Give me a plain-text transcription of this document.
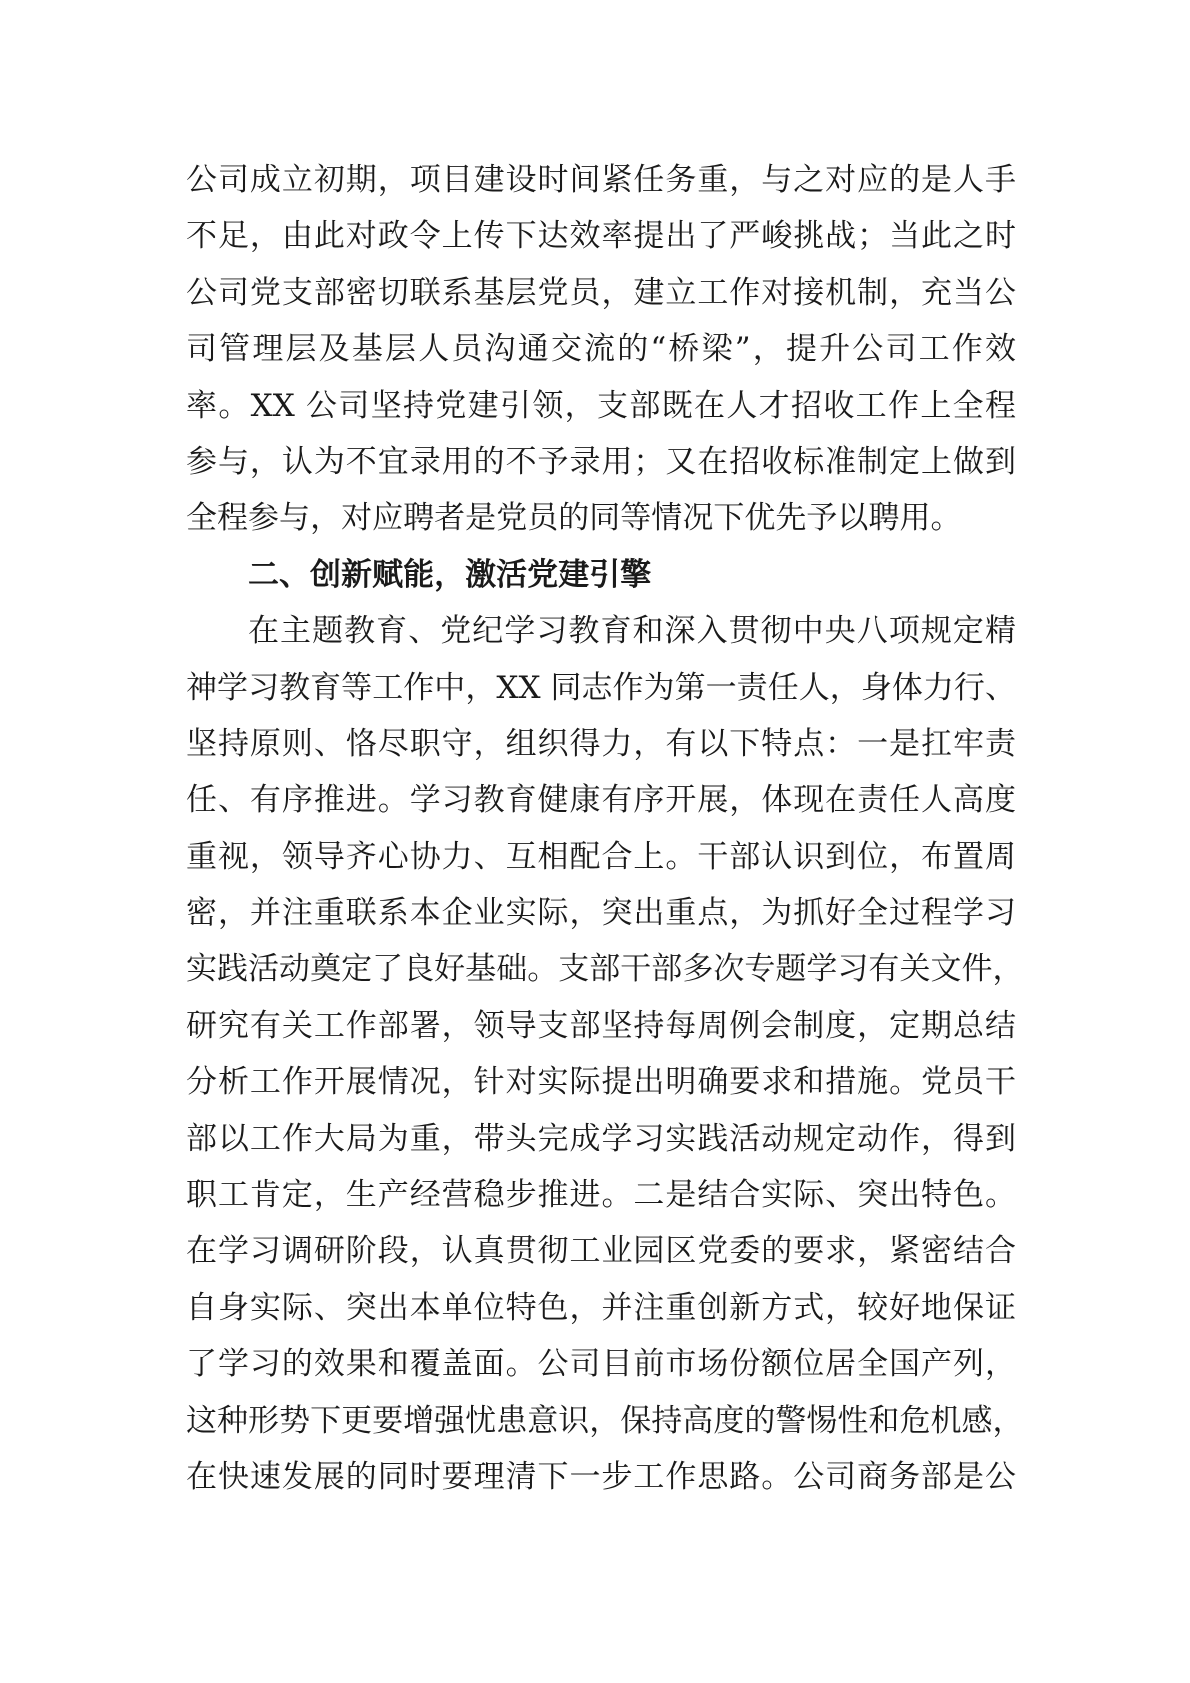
公司成立初期，项目建设时间紧任务重，与之对应的是人手
不足，由此对政令上传下达效率提出了严峻挑战；当此之时
公司党支部密切联系基层党员，建立工作对接机制，充当公
司管理层及基层人员沟通交流的“桥梁”，提升公司工作效
率。XX 公司坚持党建引领，支部既在人才招收工作上全程
参与，认为不宜录用的不予录用；又在招收标准制定上做到
全程参与，对应聘者是党员的同等情况下优先予以聘用。
二、创新赋能，激活党建引擎
在主题教育、党纪学习教育和深入贯彻中央八项规定精
神学习教育等工作中，XX 同志作为第一责任人，身体力行、
坚持原则、恪尽职守，组织得力，有以下特点：一是扛牢责
任、有序推进。学习教育健康有序开展，体现在责任人高度
重视，领导齐心协力、互相配合上。干部认识到位，布置周
密，并注重联系本企业实际，突出重点，为抓好全过程学习
实践活动奠定了良好基础。支部干部多次专题学习有关文件，
研究有关工作部署，领导支部坚持每周例会制度，定期总结
分析工作开展情况，针对实际提出明确要求和措施。党员干
部以工作大局为重，带头完成学习实践活动规定动作，得到
职工肯定，生产经营稳步推进。二是结合实际、突出特色。
在学习调研阶段，认真贯彻工业园区党委的要求，紧密结合
自身实际、突出本单位特色，并注重创新方式，较好地保证
了学习的效果和覆盖面。公司目前市场份额位居全国产列，
这种形势下更要增强忧患意识，保持高度的警惕性和危机感，
在快速发展的同时要理清下一步工作思路。公司商务部是公
